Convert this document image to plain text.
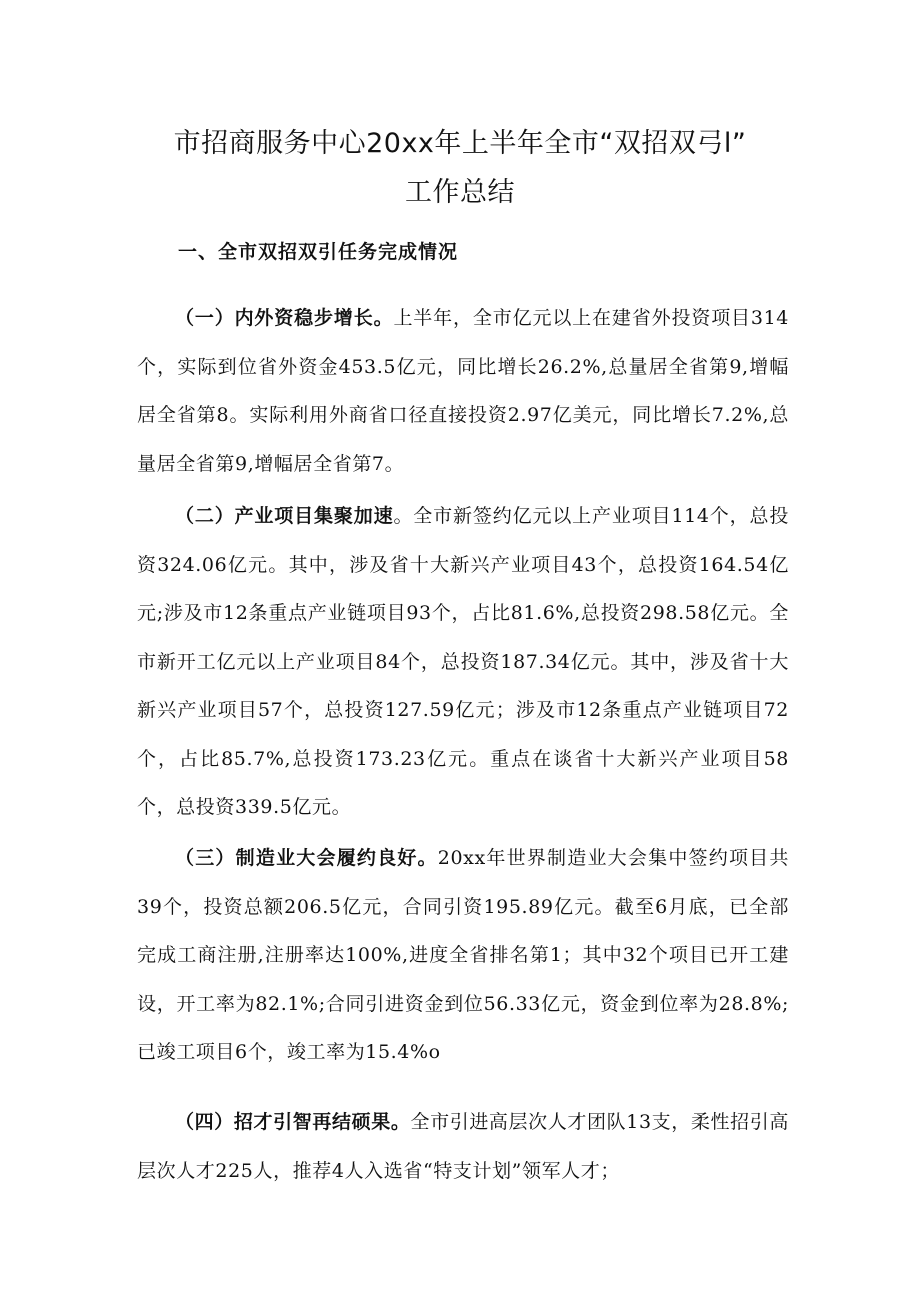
市招商服务中心20xx年上半年全市“双招双弓l”
工作总结
一、全市双招双引任务完成情况
（一）内外资稳步增长。上半年，全市亿元以上在建省外投资项目314个，实际到位省外资金453.5亿元，同比增长26.2%,总量居全省第9,增幅居全省第8。实际利用外商省口径直接投资2.97亿美元，同比增长7.2%,总量居全省第9,增幅居全省第7。
（二）产业项目集聚加速。全市新签约亿元以上产业项目114个，总投资324.06亿元。其中，涉及省十大新兴产业项目43个，总投资164.54亿元;涉及市12条重点产业链项目93个，占比81.6%,总投资298.58亿元。全市新开工亿元以上产业项目84个，总投资187.34亿元。其中，涉及省十大新兴产业项目57个，总投资127.59亿元；涉及市12条重点产业链项目72个，占比85.7%,总投资173.23亿元。重点在谈省十大新兴产业项目58个，总投资339.5亿元。
（三）制造业大会履约良好。20xx年世界制造业大会集中签约项目共39个，投资总额206.5亿元，合同引资195.89亿元。截至6月底，已全部完成工商注册,注册率达100%,进度全省排名第1；其中32个项目已开工建设，开工率为82.1%;合同引进资金到位56.33亿元，资金到位率为28.8%;已竣工项目6个，竣工率为15.4%o
（四）招才引智再结硕果。全市引进高层次人才团队13支，柔性招引高层次人才225人，推荐4人入选省“特支计划”领军人才；
